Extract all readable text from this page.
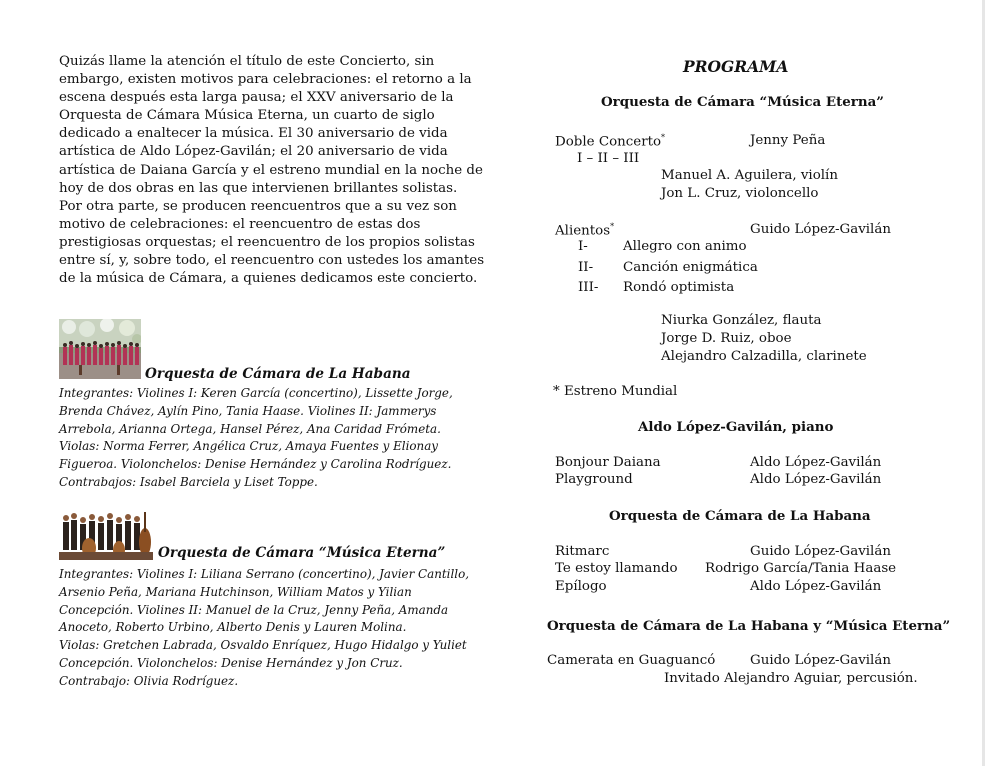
Quizás llame la atención el título de este Concierto, sin
embargo, existen motivos para celebraciones: el retorno a la
escena después esta larga pausa; el XXV aniversario de la
Orquesta de Cámara Música Eterna, un cuarto de siglo
dedicado a enaltecer la música. El 30 aniversario de vida
artística de Aldo López-Gavilán; el 20 aniversario de vida
artística de Daiana García y el estreno mundial en la noche de
hoy de dos obras en las que intervienen brillantes solistas.
Por otra parte, se producen reencuentros que a su vez son
motivo de celebraciones: el reencuentro de estas dos
prestigiosas orquestas; el reencuentro de los propios solistas
entre sí, y, sobre todo, el reencuentro con ustedes los amantes
de la música de Cámara, a quienes dedicamos este concierto.
Orquesta de Cámara de La Habana
Integrantes: Violines I: Keren García (concertino), Lissette Jorge,
Brenda Chávez, Aylín Pino, Tania Haase. Violines II: Jammerys
Arrebola, Arianna Ortega, Hansel Pérez, Ana Caridad Frómeta.
Violas: Norma Ferrer, Angélica Cruz, Amaya Fuentes y Elionay
Figueroa. Violonchelos: Denise Hernández y Carolina Rodríguez.
Contrabajos: Isabel Barciela y Liset Toppe.
Orquesta de Cámara “Música Eterna”
Integrantes: Violines I: Liliana Serrano (concertino), Javier Cantillo,
Arsenio Peña, Mariana Hutchinson, William Matos y Yilian
Concepción. Violines II: Manuel de la Cruz, Jenny Peña, Amanda
Anoceto, Roberto Urbino, Alberto Denis y Lauren Molina.
Violas: Gretchen Labrada, Osvaldo Enríquez, Hugo Hidalgo y Yuliet
Concepción. Violonchelos: Denise Hernández y Jon Cruz.
Contrabajo: Olivia Rodríguez.
PROGRAMA
Orquesta de Cámara “Música Eterna”
Doble Concerto*	Jenny Peña
I – II – III
Manuel A. Aguilera, violín
Jon L. Cruz, violoncello
Alientos*	Guido López-Gavilán
I-	Allegro con animo
II- Canción enigmática
III- Rondó optimista
Niurka González, flauta
Jorge D. Ruiz, oboe
Alejandro Calzadilla, clarinete
* Estreno Mundial
Aldo López-Gavilán, piano
Bonjour Daiana	Aldo López-Gavilán
Playground	Aldo López-Gavilán
Orquesta de Cámara de La Habana
Ritmarc	Guido López-Gavilán
Te estoy llamando Rodrigo García/Tania Haase
Epílogo	Aldo López-Gavilán
Orquesta de Cámara de La Habana y “Música Eterna”
Camerata en Guaguancó	Guido López-Gavilán
Invitado Alejandro Aguiar, percusión.
